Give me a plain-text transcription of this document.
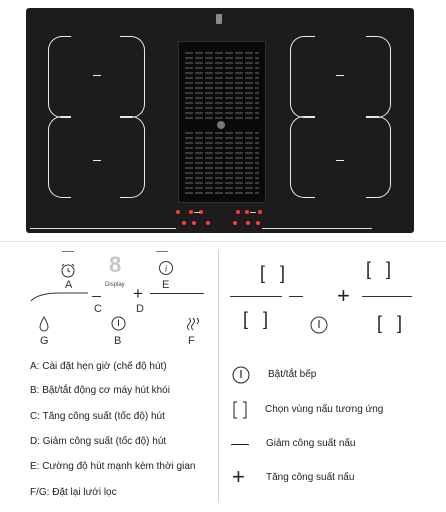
A
8
Display
i
E
+
C	D
G	B	F
A: Cài đặt hẹn giờ (chế độ hút)
B: Bật/tắt động cơ máy hút khói
C: Tăng công suất (tốc độ) hút
D: Giảm công suất (tốc độ) hút
E: Cường độ hút mạnh kèm thời gian
F/G: Đặt lại lưới lọc
[ ]
[ ]
+
[ ]
[ ]
Bật/tắt bếp
Chọn vùng nấu tương ứng
Giảm công suất nấu
+ Tăng công suất nấu
